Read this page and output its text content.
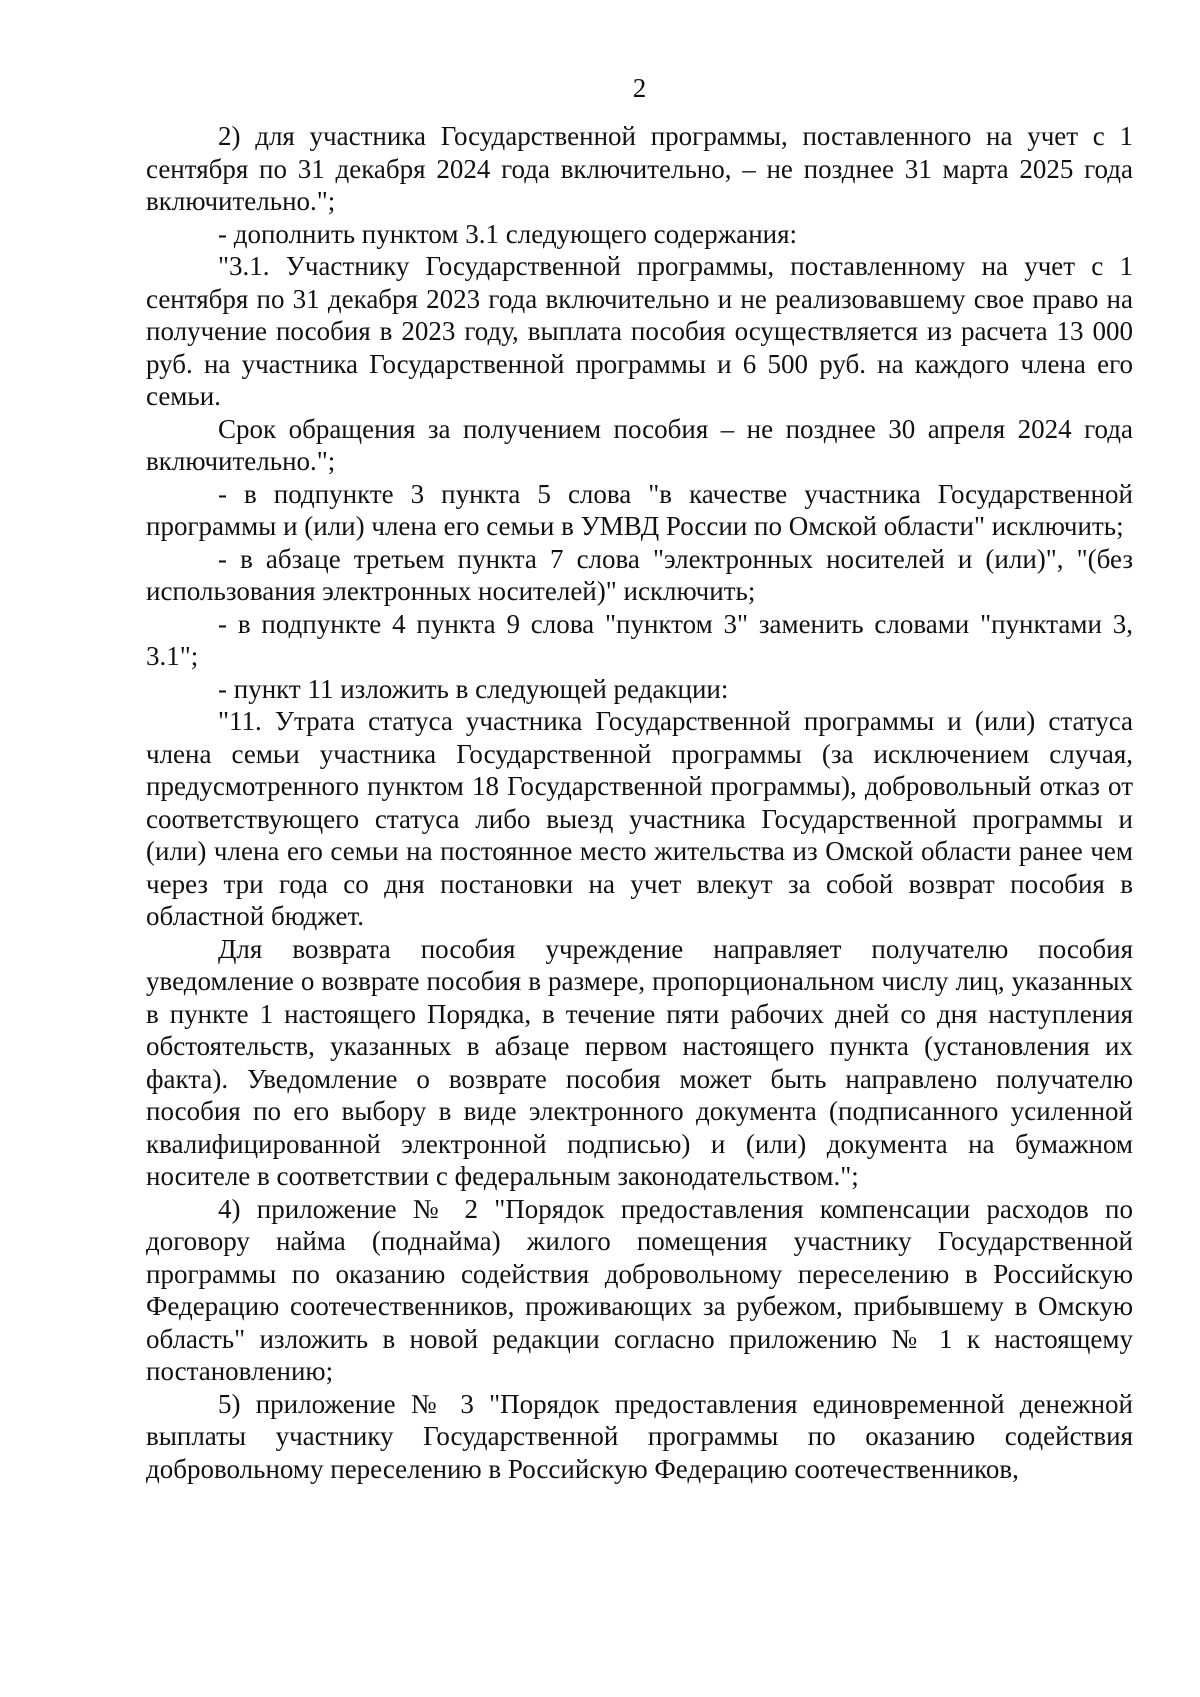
2

2) для участника Государственной программы, поставленного на учет с 1 сентября по 31 декабря 2024 года включительно, – не позднее 31 марта 2025 года включительно.";

- дополнить пунктом 3.1 следующего содержания:

"3.1. Участнику Государственной программы, поставленному на учет с 1 сентября по 31 декабря 2023 года включительно и не реализовавшему свое право на получение пособия в 2023 году, выплата пособия осуществляется из расчета 13 000 руб. на участника Государственной программы и 6 500 руб. на каждого члена его семьи.

Срок обращения за получением пособия – не позднее 30 апреля 2024 года включительно.";

- в подпункте 3 пункта 5 слова "в качестве участника Государственной программы и (или) члена его семьи в УМВД России по Омской области" исключить;

- в абзаце третьем пункта 7 слова "электронных носителей и (или)", "(без использования электронных носителей)" исключить;

- в подпункте 4 пункта 9 слова "пунктом 3" заменить словами "пунктами 3, 3.1";

- пункт 11 изложить в следующей редакции:

"11. Утрата статуса участника Государственной программы и (или) статуса члена семьи участника Государственной программы (за исключением случая, предусмотренного пунктом 18 Государственной программы), добровольный отказ от соответствующего статуса либо выезд участника Государственной программы и (или) члена его семьи на постоянное место жительства из Омской области ранее чем через три года со дня постановки на учет влекут за собой возврат пособия в областной бюджет.

Для возврата пособия учреждение направляет получателю пособия уведомление о возврате пособия в размере, пропорциональном числу лиц, указанных в пункте 1 настоящего Порядка, в течение пяти рабочих дней со дня наступления обстоятельств, указанных в абзаце первом настоящего пункта (установления их факта). Уведомление о возврате пособия может быть направлено получателю пособия по его выбору в виде электронного документа (подписанного усиленной квалифицированной электронной подписью) и (или) документа на бумажном носителе в соответствии с федеральным законодательством.";

4) приложение № 2 "Порядок предоставления компенсации расходов по договору найма (поднайма) жилого помещения участнику Государственной программы по оказанию содействия добровольному переселению в Российскую Федерацию соотечественников, проживающих за рубежом, прибывшему в Омскую область" изложить в новой редакции согласно приложению № 1 к настоящему постановлению;

5) приложение № 3 "Порядок предоставления единовременной денежной выплаты участнику Государственной программы по оказанию содействия добровольному переселению в Российскую Федерацию соотечественников,
